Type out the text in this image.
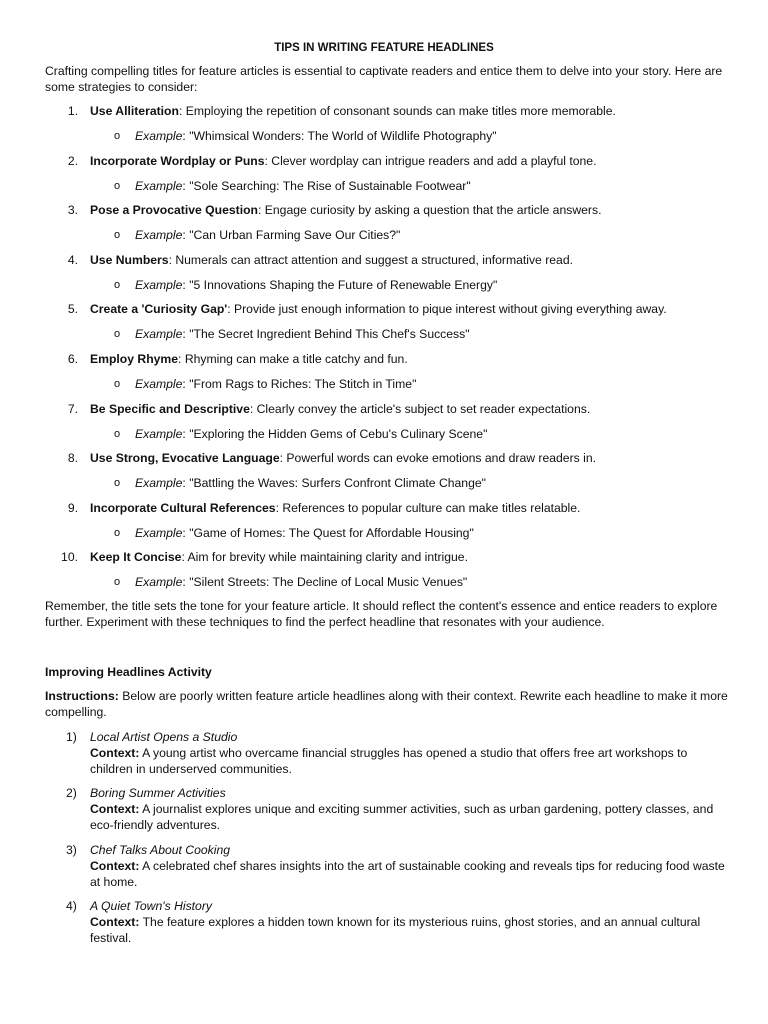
TIPS IN WRITING FEATURE HEADLINES
Crafting compelling titles for feature articles is essential to captivate readers and entice them to delve into your story. Here are some strategies to consider:
1. Use Alliteration: Employing the repetition of consonant sounds can make titles more memorable.
o Example: "Whimsical Wonders: The World of Wildlife Photography"
2. Incorporate Wordplay or Puns: Clever wordplay can intrigue readers and add a playful tone.
o Example: "Sole Searching: The Rise of Sustainable Footwear"
3. Pose a Provocative Question: Engage curiosity by asking a question that the article answers.
o Example: "Can Urban Farming Save Our Cities?"
4. Use Numbers: Numerals can attract attention and suggest a structured, informative read.
o Example: "5 Innovations Shaping the Future of Renewable Energy"
5. Create a 'Curiosity Gap': Provide just enough information to pique interest without giving everything away.
o Example: "The Secret Ingredient Behind This Chef's Success"
6. Employ Rhyme: Rhyming can make a title catchy and fun.
o Example: "From Rags to Riches: The Stitch in Time"
7. Be Specific and Descriptive: Clearly convey the article's subject to set reader expectations.
o Example: "Exploring the Hidden Gems of Cebu's Culinary Scene"
8. Use Strong, Evocative Language: Powerful words can evoke emotions and draw readers in.
o Example: "Battling the Waves: Surfers Confront Climate Change"
9. Incorporate Cultural References: References to popular culture can make titles relatable.
o Example: "Game of Homes: The Quest for Affordable Housing"
10. Keep It Concise: Aim for brevity while maintaining clarity and intrigue.
o Example: "Silent Streets: The Decline of Local Music Venues"
Remember, the title sets the tone for your feature article. It should reflect the content's essence and entice readers to explore further. Experiment with these techniques to find the perfect headline that resonates with your audience.
Improving Headlines Activity
Instructions: Below are poorly written feature article headlines along with their context. Rewrite each headline to make it more compelling.
1) Local Artist Opens a Studio
Context: A young artist who overcame financial struggles has opened a studio that offers free art workshops to children in underserved communities.
2) Boring Summer Activities
Context: A journalist explores unique and exciting summer activities, such as urban gardening, pottery classes, and eco-friendly adventures.
3) Chef Talks About Cooking
Context: A celebrated chef shares insights into the art of sustainable cooking and reveals tips for reducing food waste at home.
4) A Quiet Town's History
Context: The feature explores a hidden town known for its mysterious ruins, ghost stories, and an annual cultural festival.
